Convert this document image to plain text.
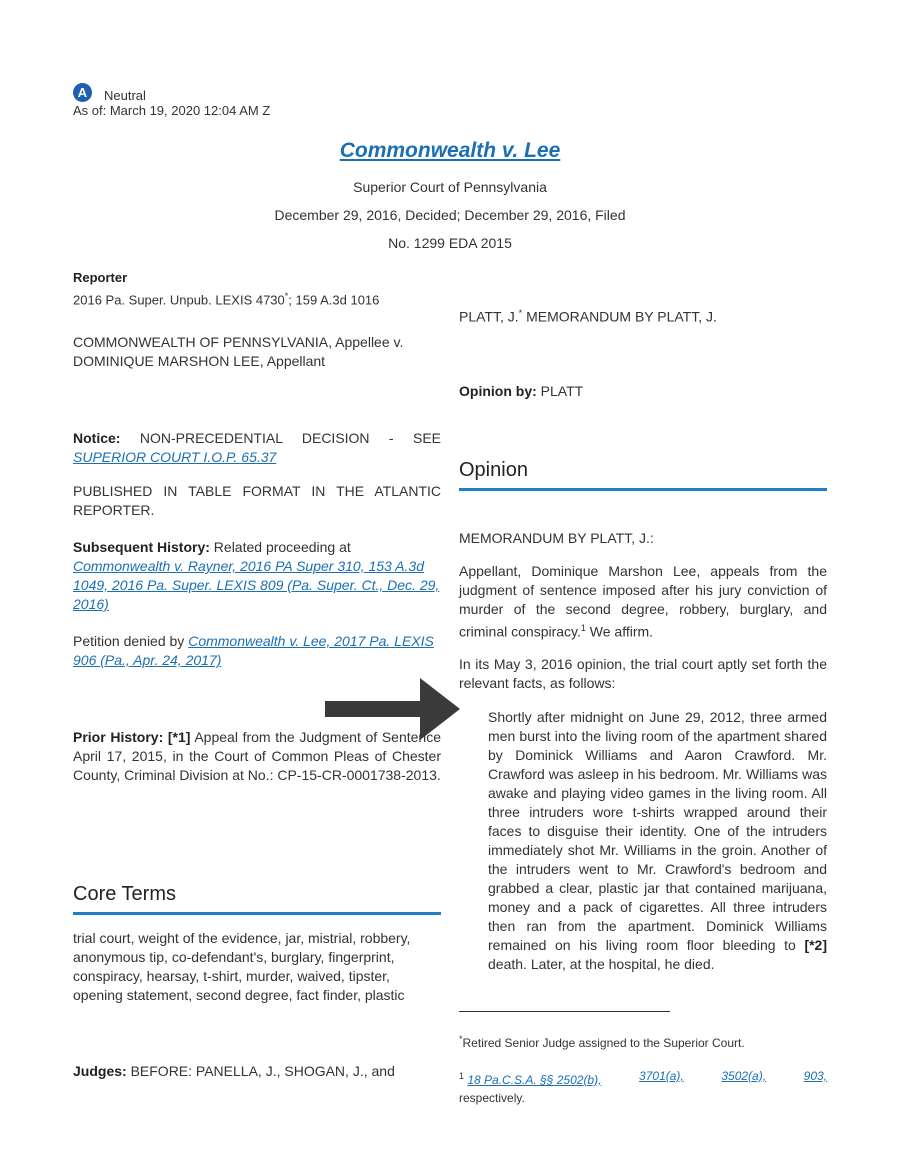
A	Neutral
As of: March 19, 2020 12:04 AM Z
Commonwealth v. Lee
Superior Court of Pennsylvania
December 29, 2016, Decided; December 29, 2016, Filed
No. 1299 EDA 2015
Reporter
2016 Pa. Super. Unpub. LEXIS 4730*; 159 A.3d 1016
COMMONWEALTH OF PENNSYLVANIA, Appellee v. DOMINIQUE MARSHON LEE, Appellant
Notice: NON-PRECEDENTIAL DECISION - SEE SUPERIOR COURT I.O.P. 65.37
PUBLISHED IN TABLE FORMAT IN THE ATLANTIC REPORTER.
Subsequent History: Related proceeding at Commonwealth v. Rayner, 2016 PA Super 310, 153 A.3d 1049, 2016 Pa. Super. LEXIS 809 (Pa. Super. Ct., Dec. 29, 2016)
Petition denied by Commonwealth v. Lee, 2017 Pa. LEXIS 906 (Pa., Apr. 24, 2017)
Prior History: [*1] Appeal from the Judgment of Sentence April 17, 2015, in the Court of Common Pleas of Chester County, Criminal Division at No.: CP-15-CR-0001738-2013.
Core Terms
trial court, weight of the evidence, jar, mistrial, robbery, anonymous tip, co-defendant's, burglary, fingerprint, conspiracy, hearsay, t-shirt, murder, waived, tipster, opening statement, second degree, fact finder, plastic
Judges: BEFORE: PANELLA, J., SHOGAN, J., and
PLATT, J.* MEMORANDUM BY PLATT, J.
Opinion by: PLATT
Opinion
MEMORANDUM BY PLATT, J.:
Appellant, Dominique Marshon Lee, appeals from the judgment of sentence imposed after his jury conviction of murder of the second degree, robbery, burglary, and criminal conspiracy.$^1$ We affirm.
In its May 3, 2016 opinion, the trial court aptly set forth the relevant facts, as follows:
Shortly after midnight on June 29, 2012, three armed men burst into the living room of the apartment shared by Dominick Williams and Aaron Crawford. Mr. Crawford was asleep in his bedroom. Mr. Williams was awake and playing video games in the living room. All three intruders wore t-shirts wrapped around their faces to disguise their identity. One of the intruders immediately shot Mr. Williams in the groin. Another of the intruders went to Mr. Crawford's bedroom and grabbed a clear, plastic jar that contained marijuana, money and a pack of cigarettes. All three intruders then ran from the apartment. Dominick Williams remained on his living room floor bleeding to [*2] death. Later, at the hospital, he died.
*Retired Senior Judge assigned to the Superior Court.
$^1$ 18 Pa.C.S.A. §§ 2502(b),	3701(a),	3502(a),	903,
respectively.
